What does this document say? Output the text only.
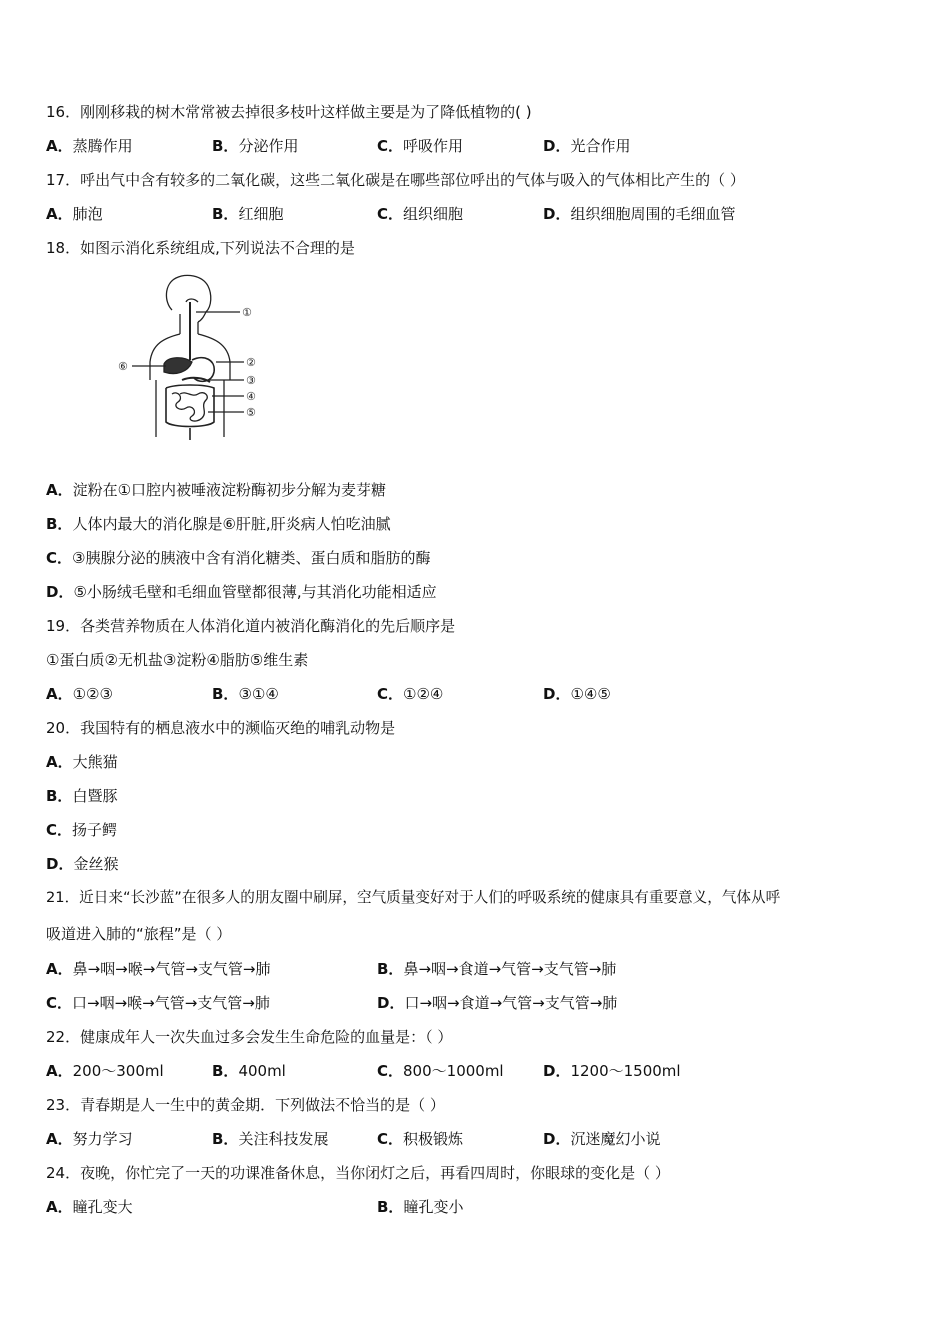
16．刚刚移栽的树木常常被去掉很多枝叶这样做主要是为了降低植物的( )
A．蒸腾作用	B．分泌作用	C．呼吸作用	D．光合作用
17．呼出气中含有较多的二氧化碳，这些二氧化碳是在哪些部位呼出的气体与吸入的气体相比产生的（ ）
A．肺泡	B．红细胞	C．组织细胞	D．组织细胞周围的毛细血管
18．如图示消化系统组成,下列说法不合理的是
①
②
③
④
⑤
⑥
A．淀粉在①口腔内被唾液淀粉酶初步分解为麦芽糖
B．人体内最大的消化腺是⑥肝脏,肝炎病人怕吃油腻
C．③胰腺分泌的胰液中含有消化糖类、蛋白质和脂肪的酶
D．⑤小肠绒毛壁和毛细血管壁都很薄,与其消化功能相适应
19．各类营养物质在人体消化道内被消化酶消化的先后顺序是
①蛋白质②无机盐③淀粉④脂肪⑤维生素
A．①②③	B．③①④	C．①②④	D．①④⑤
20．我国特有的栖息液水中的濒临灭绝的哺乳动物是
A．大熊猫
B．白暨豚
C．扬子鳄
D．金丝猴
21．近日来“长沙蓝”在很多人的朋友圈中刷屏，空气质量变好对于人们的呼吸系统的健康具有重要意义，气体从呼
吸道进入肺的“旅程”是（ ）
A．鼻→咽→喉→气管→支气管→肺	B．鼻→咽→食道→气管→支气管→肺
C．口→咽→喉→气管→支气管→肺	D．口→咽→食道→气管→支气管→肺
22．健康成年人一次失血过多会发生生命危险的血量是：（ ）
A．200～300ml	B．400ml	C．800～1000ml	D．1200～1500ml
23．青春期是人一生中的黄金期．下列做法不恰当的是（ ）
A．努力学习	B．关注科技发展	C．积极锻炼	D．沉迷魔幻小说
24．夜晚，你忙完了一天的功课准备休息，当你闭灯之后，再看四周时，你眼球的变化是（ ）
A．瞳孔变大	B．瞳孔变小
